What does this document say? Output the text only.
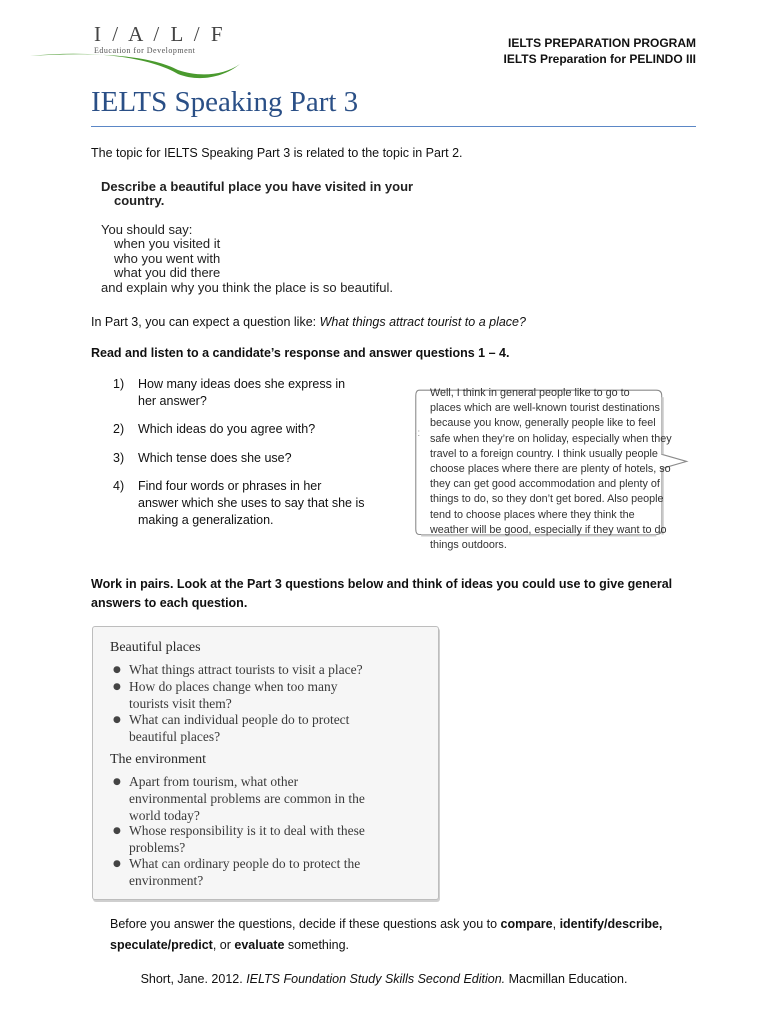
I / A / L / F
Education for Development
IELTS PREPARATION PROGRAM
IELTS Preparation for PELINDO III
IELTS Speaking Part 3
The topic for IELTS Speaking Part 3 is related to the topic in Part 2.
Describe a beautiful place you have visited in your
country.
You should say:
when you visited it
who you went with
what you did there
and explain why you think the place is so beautiful.
In Part 3, you can expect a question like: What things attract tourist to a place?
Read and listen to a candidate’s response and answer questions 1 – 4.
1) How many ideas does she express in
her answer?
2) Which ideas do you agree with?
3) Which tense does she use?
4) Find four words or phrases in her
answer which she uses to say that she is
making a generalization.
·:
Well, I think in general people like to go to
places which are well-known tourist destinations
because you know, generally people like to feel
safe when they’re on holiday, especially when they
travel to a foreign country. I think usually people
choose places where there are plenty of hotels, so
they can get good accommodation and plenty of
things to do, so they don’t get bored. Also people
tend to choose places where they think the
weather will be good, especially if they want to do
things outdoors.
Work in pairs. Look at the Part 3 questions below and think of ideas you could use to give general
answers to each question.
Beautiful places
● What things attract tourists to visit a place?
● How do places change when too many
tourists visit them?
● What can individual people do to protect
beautiful places?
The environment
● Apart from tourism, what other
environmental problems are common in the
world today?
● Whose responsibility is it to deal with these
problems?
● What can ordinary people do to protect the
environment?
Before you answer the questions, decide if these questions ask you to compare, identify/describe,
speculate/predict, or evaluate something.
Short, Jane. 2012. IELTS Foundation Study Skills Second Edition. Macmillan Education.
